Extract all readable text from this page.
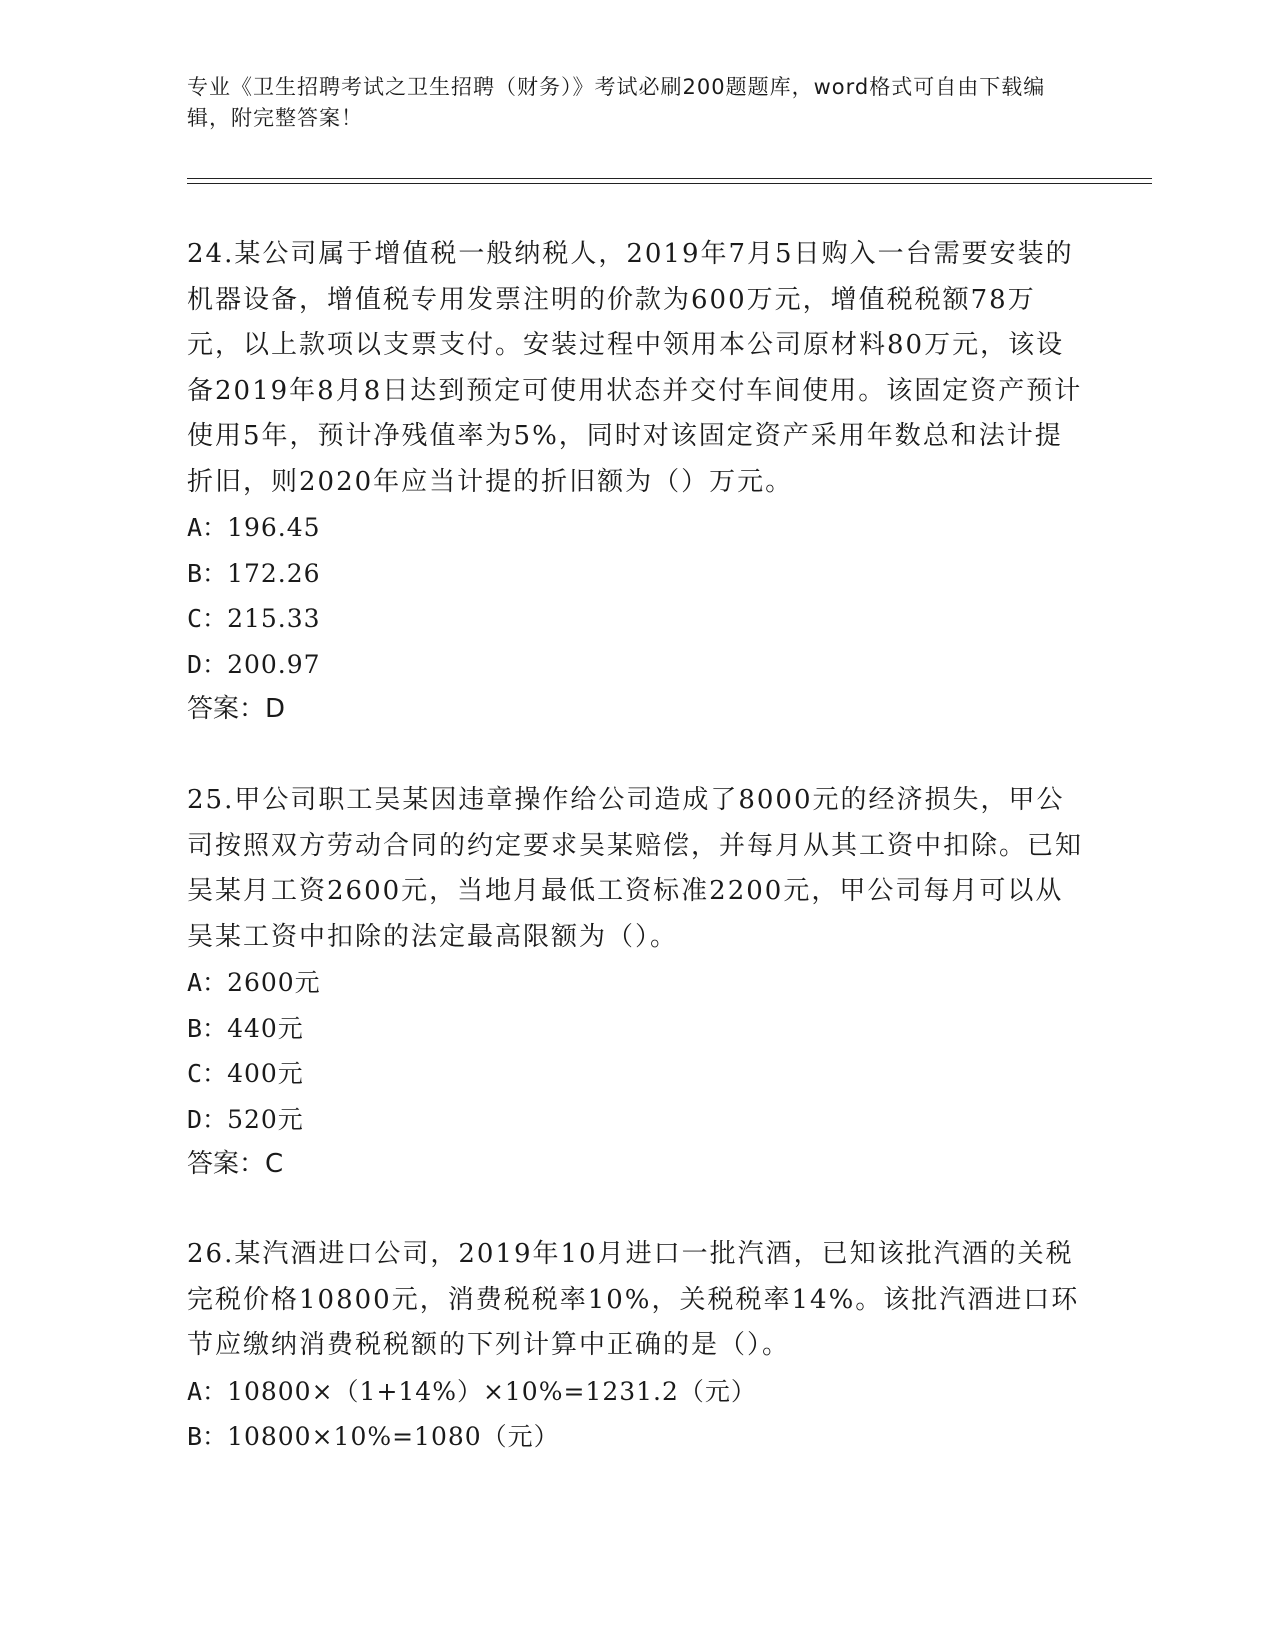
专业《卫生招聘考试之卫生招聘（财务）》考试必刷200题题库，word格式可自由下载编辑，附完整答案！

24.某公司属于增值税一般纳税人，2019年7月5日购入一台需要安装的机器设备，增值税专用发票注明的价款为600万元，增值税税额78万元，以上款项以支票支付。安装过程中领用本公司原材料80万元，该设备2019年8月8日达到预定可使用状态并交付车间使用。该固定资产预计使用5年，预计净残值率为5%，同时对该固定资产采用年数总和法计提折旧，则2020年应当计提的折旧额为（）万元。

A：196.45

B：172.26

C：215.33

D：200.97

答案：D

25.甲公司职工吴某因违章操作给公司造成了8000元的经济损失，甲公司按照双方劳动合同的约定要求吴某赔偿，并每月从其工资中扣除。已知吴某月工资2600元，当地月最低工资标准2200元，甲公司每月可以从吴某工资中扣除的法定最高限额为（）。

A：2600元

B：440元

C：400元

D：520元

答案：C

26.某汽酒进口公司，2019年10月进口一批汽酒，已知该批汽酒的关税完税价格10800元，消费税税率10%，关税税率14%。该批汽酒进口环节应缴纳消费税税额的下列计算中正确的是（）。

A：10800×（1+14%）×10%=1231.2（元）

B：10800×10%=1080（元）
